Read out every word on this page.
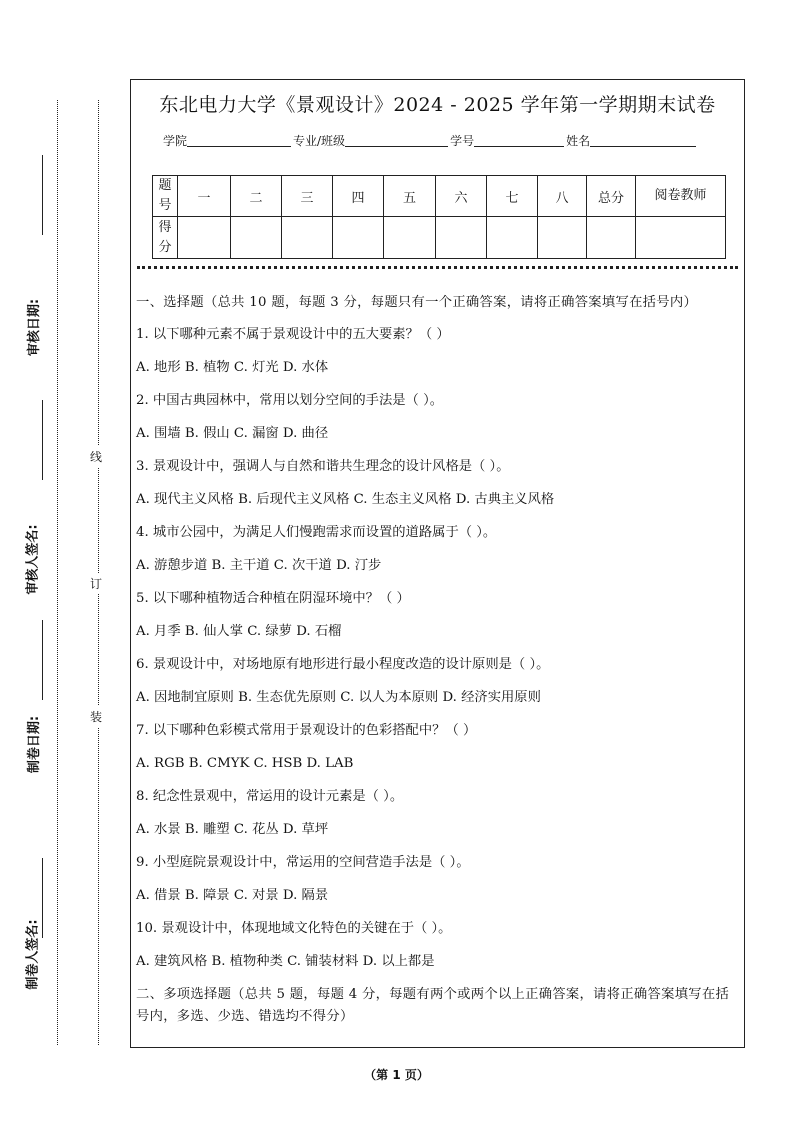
审核日期:
审核人签名:
制卷日期:
制卷人签名:
线
订
装
东北电力大学《景观设计》2024 - 2025 学年第一学期期末试卷
学院	专业/班级	学号	姓名
题号	一	二	三	四	五	六	七	八	总分	阅卷教师
得分										
一、选择题（总共 10 题，每题 3 分，每题只有一个正确答案，请将正确答案填写在括号内）
1. 以下哪种元素不属于景观设计中的五大要素？（ ）
A. 地形 B. 植物 C. 灯光 D. 水体
2. 中国古典园林中，常用以划分空间的手法是（ ）。
A. 围墙 B. 假山 C. 漏窗 D. 曲径
3. 景观设计中，强调人与自然和谐共生理念的设计风格是（ ）。
A. 现代主义风格 B. 后现代主义风格 C. 生态主义风格 D. 古典主义风格
4. 城市公园中，为满足人们慢跑需求而设置的道路属于（ ）。
A. 游憩步道 B. 主干道 C. 次干道 D. 汀步
5. 以下哪种植物适合种植在阴湿环境中？（ ）
A. 月季 B. 仙人掌 C. 绿萝 D. 石榴
6. 景观设计中，对场地原有地形进行最小程度改造的设计原则是（ ）。
A. 因地制宜原则 B. 生态优先原则 C. 以人为本原则 D. 经济实用原则
7. 以下哪种色彩模式常用于景观设计的色彩搭配中？（ ）
A. RGB B. CMYK C. HSB D. LAB
8. 纪念性景观中，常运用的设计元素是（ ）。
A. 水景 B. 雕塑 C. 花丛 D. 草坪
9. 小型庭院景观设计中，常运用的空间营造手法是（ ）。
A. 借景 B. 障景 C. 对景 D. 隔景
10. 景观设计中，体现地域文化特色的关键在于（ ）。
A. 建筑风格 B. 植物种类 C. 铺装材料 D. 以上都是
二、多项选择题（总共 5 题，每题 4 分，每题有两个或两个以上正确答案，请将正确答案填写在括号内，多选、少选、错选均不得分）
（第 1 页）
